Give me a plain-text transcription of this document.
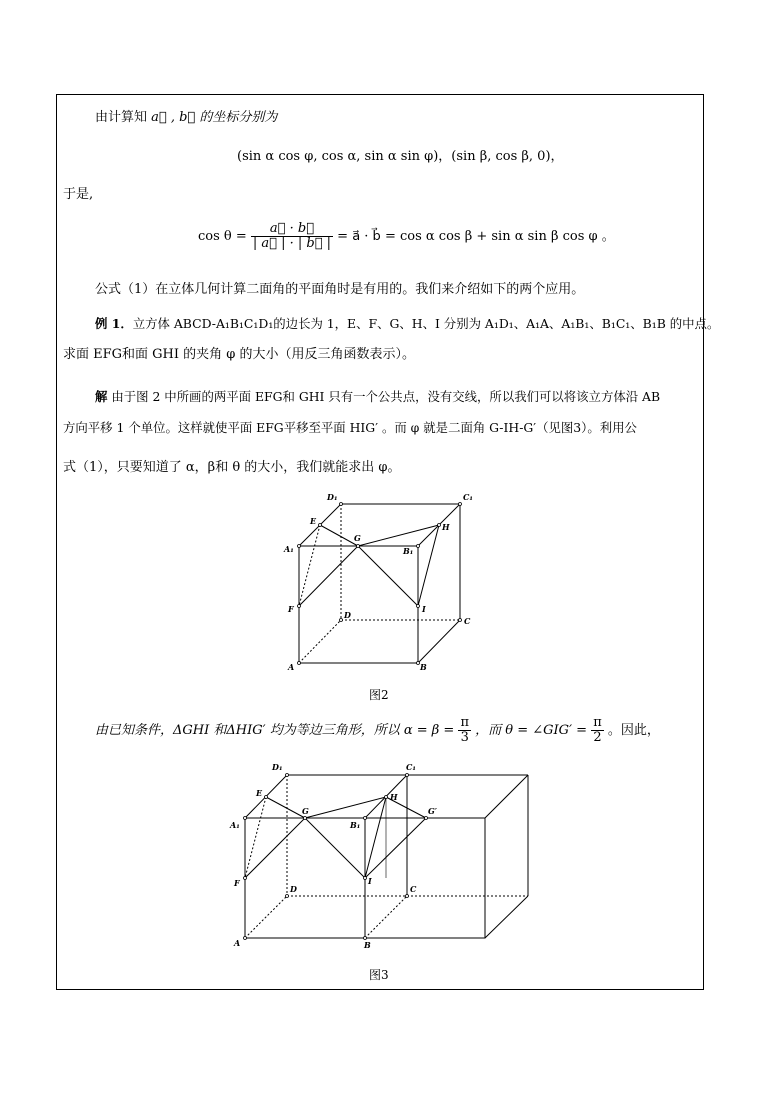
由计算知 a⃗ , b⃗ 的坐标分别为
(sin α cos φ, cos α, sin α sin φ)，(sin β, cos β, 0)，
于是,
$\cos \theta = \frac{a⃗ \cdot b⃗}{| a⃗ | \cdot | b⃗ |}$ = a⃗ · b⃗ = cos α cos β + sin α sin β cos φ 。
公式（1）在立体几何计算二面角的平面角时是有用的。我们来介绍如下的两个应用。
例 1．立方体 ABCD-A₁B₁C₁D₁的边长为 1，E、F、G、H、I 分别为 A₁D₁、A₁A、A₁B₁、B₁C₁、B₁B 的中点。
求面 EFG和面 GHI 的夹角 φ 的大小（用反三角函数表示）。
解 由于图 2 中所画的两平面 EFG和 GHI 只有一个公共点，没有交线，所以我们可以将该立方体沿 AB
方向平移 1 个单位。这样就使平面 EFG平移至平面 HIG′ 。而 φ 就是二面角 G-IH-G′（见图3）。利用公
式（1），只要知道了 α，β和 θ 的大小，我们就能求出 φ。
D₁	C₁
E
H
G
A₁	B₁
F
D
I
C
A	B
图2
由已知条件，ΔGHI 和ΔHIG′ 均为等边三角形，所以 $\alpha = \beta = \frac{\pi}{3}$ ，而 θ = ∠GIG′ = $\frac{\pi}{2}$ 。因此，
D₁	C₁
E	H
G	G′
A₁	B₁
F
D
I
C
A	B
图3
